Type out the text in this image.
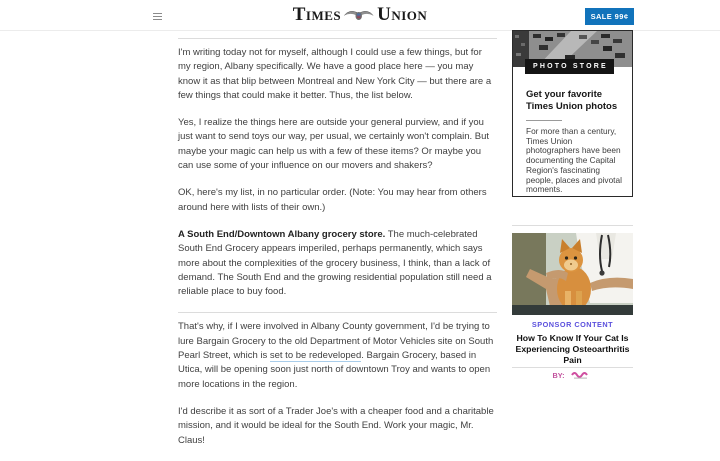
Times Union	SALE 99¢

I'm writing today not for myself, although I could use a few things, but for my region, Albany specifically. We have a good place here — you may know it as that blip between Montreal and New York City — but there are a few things that could make it better. Thus, the list below.

Yes, I realize the things here are outside your general purview, and if you just want to send toys our way, per usual, we certainly won't complain. But maybe your magic can help us with a few of these items? Or maybe you can use some of your influence on our movers and shakers?

OK, here's my list, in no particular order. (Note: You may hear from others around here with lists of their own.)

A South End/Downtown Albany grocery store. The much-celebrated South End Grocery appears imperiled, perhaps permanently, which says more about the complexities of the grocery business, I think, than a lack of demand. The South End and the growing residential population still need a reliable place to buy food.

That's why, if I were involved in Albany County government, I'd be trying to lure Bargain Grocery to the old Department of Motor Vehicles site on South Pearl Street, which is set to be redeveloped. Bargain Grocery, based in Utica, will be opening soon just north of downtown Troy and wants to open more locations in the region.

I'd describe it as sort of a Trader Joe's with a cheaper food and a charitable mission, and it would be ideal for the South End. Work your magic, Mr. Claus!

PHOTO STORE
Get your favorite Times Union photos

For more than a century, Times Union photographers have been documenting the Capital Region's fascinating people, places and pivotal moments.

SPONSOR CONTENT
How To Know If Your Cat Is Experiencing Osteoarthritis Pain
BY:
